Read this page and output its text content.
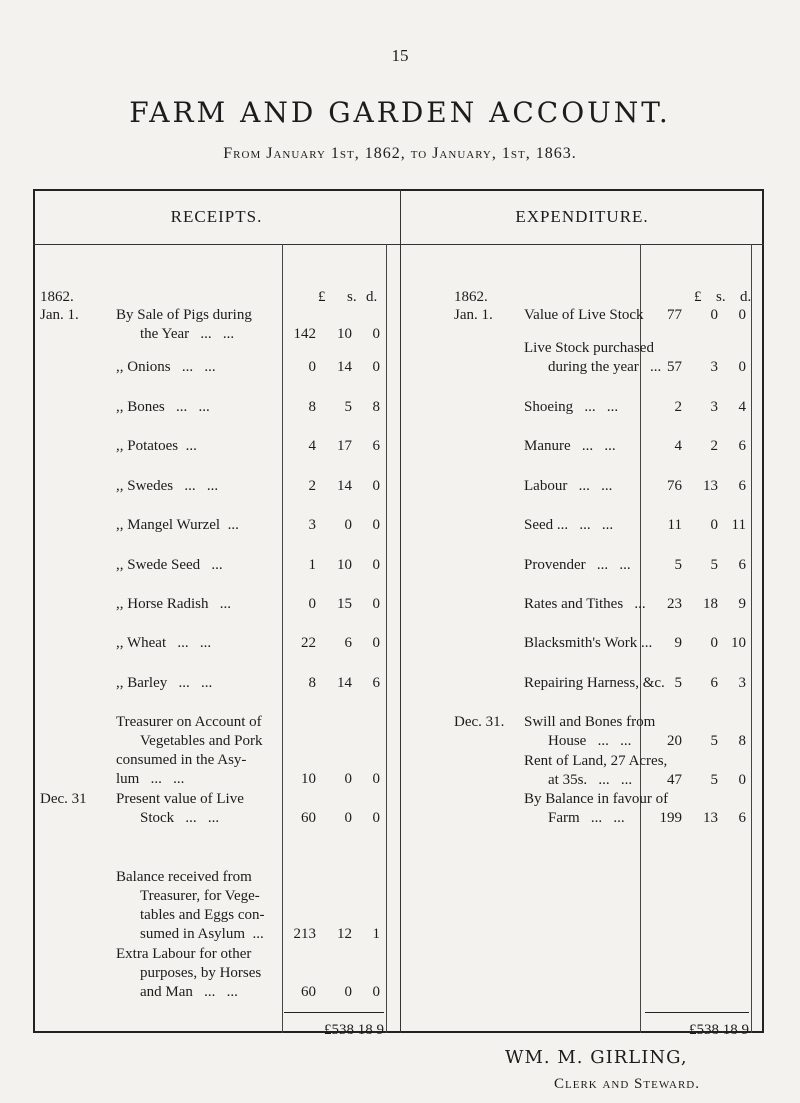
15
FARM AND GARDEN ACCOUNT.
From January 1st, 1862, to January, 1st, 1863.
RECEIPTS.	EXPENDITURE.
1862.	£ s. d.	1862.	£ s. d.
Jan. 1. By Sale of Pigs during
the Year   ...   ...	142	10	0
,, Onions   ...   ...	0	14	0
,, Bones   ...   ...	8	5	8
,, Potatoes  ...	4	17	6
,, Swedes   ...   ...	2	14	0
,, Mangel Wurzel  ...	3	0	0
,, Swede Seed   ...	1	10	0
,, Horse Radish   ...	0	15	0
,, Wheat   ...   ...	22	6	0
,, Barley   ...   ...	8	14	6
Treasurer on Account of
Vegetables and Pork
consumed in the Asy-
lum   ...   ...	10	0	0
Dec. 31 Present value of Live
Stock   ...   ...	60	0	0
Balance received from
Treasurer, for Vege-
tables and Eggs con-
sumed in Asylum  ...	213	12	1
Extra Labour for other
purposes, by Horses
and Man   ...   ...	60	0	0
Jan. 1. Value of Live Stock	77	0	0
Live Stock purchased
during the year   ... 57	3	0
Shoeing   ...   ...	2	3	4
Manure   ...   ...	4	2	6
Labour   ...   ...	76	13	6
Seed ...   ...   ...	11	0 11
Provender   ...   ...	5	5	6
Rates and Tithes   ...	23	18	9
Blacksmith's Work ...	9	0 10
Repairing Harness, &c. 5	6	3
Dec. 31. Swill and Bones from
House   ...   ...	20	5	8
Rent of Land, 27 Acres,
at 35s.   ...   ...	47	5	0
By Balance in favour of
Farm   ...   ...	199	13	6
£538 18 9	£538 18 9
WM. M. GIRLING,
Clerk and Steward.
